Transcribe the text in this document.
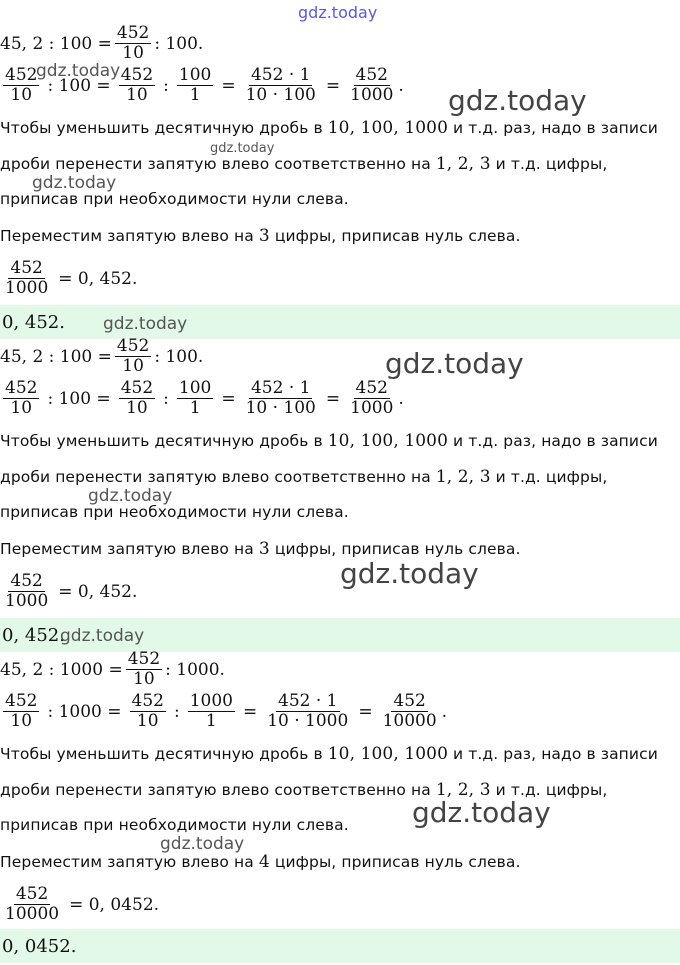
gdz.today
45, 2 : $100 = \frac{452}{10}$ : 100.
$\frac{452}{10}$ : $100 = \frac{452}{10}$ : $\frac{100}{1} = \frac{452 \cdot 1}{10 \cdot 100} = \frac{452}{1000}$ .
Чтобы уменьшить десятичную дробь в 10, 100, 1000 и т.д. раз, надо в записи
дроби перенести запятую влево соответственно на 1, 2, 3 и т.д. цифры,
приписав при необходимости нули слева.
Переместим запятую влево на 3 цифры, приписав нуль слева.
$\frac{452}{1000} = 0$, 452.
0, 452.
45, 2 : $100 = \frac{452}{10}$ : 100.
$\frac{452}{10}$ : $100 = \frac{452}{10}$ : $\frac{100}{1} = \frac{452 \cdot 1}{10 \cdot 100} = \frac{452}{1000}$ .
Чтобы уменьшить десятичную дробь в 10, 100, 1000 и т.д. раз, надо в записи
дроби перенести запятую влево соответственно на 1, 2, 3 и т.д. цифры,
приписав при необходимости нули слева.
Переместим запятую влево на 3 цифры, приписав нуль слева.
$\frac{452}{1000} = 0$, 452.
0, 452.
45, 2 : $1000 = \frac{452}{10}$ : 1000.
$\frac{452}{10}$ : $1000 = \frac{452}{10}$ : $\frac{1000}{1} = \frac{452 \cdot 1}{10 \cdot 1000} = \frac{452}{10000}$ .
Чтобы уменьшить десятичную дробь в 10, 100, 1000 и т.д. раз, надо в записи
дроби перенести запятую влево соответственно на 1, 2, 3 и т.д. цифры,
приписав при необходимости нули слева.
Переместим запятую влево на 4 цифры, приписав нуль слева.
$\frac{452}{10000} = 0$, 0452.
0, 0452.
gdz.today
gdz.today
gdz.today
gdz.today
gdz.today
gdz.today
gdz.today
gdz.today
gdz.today
gdz.today
gdz.today
